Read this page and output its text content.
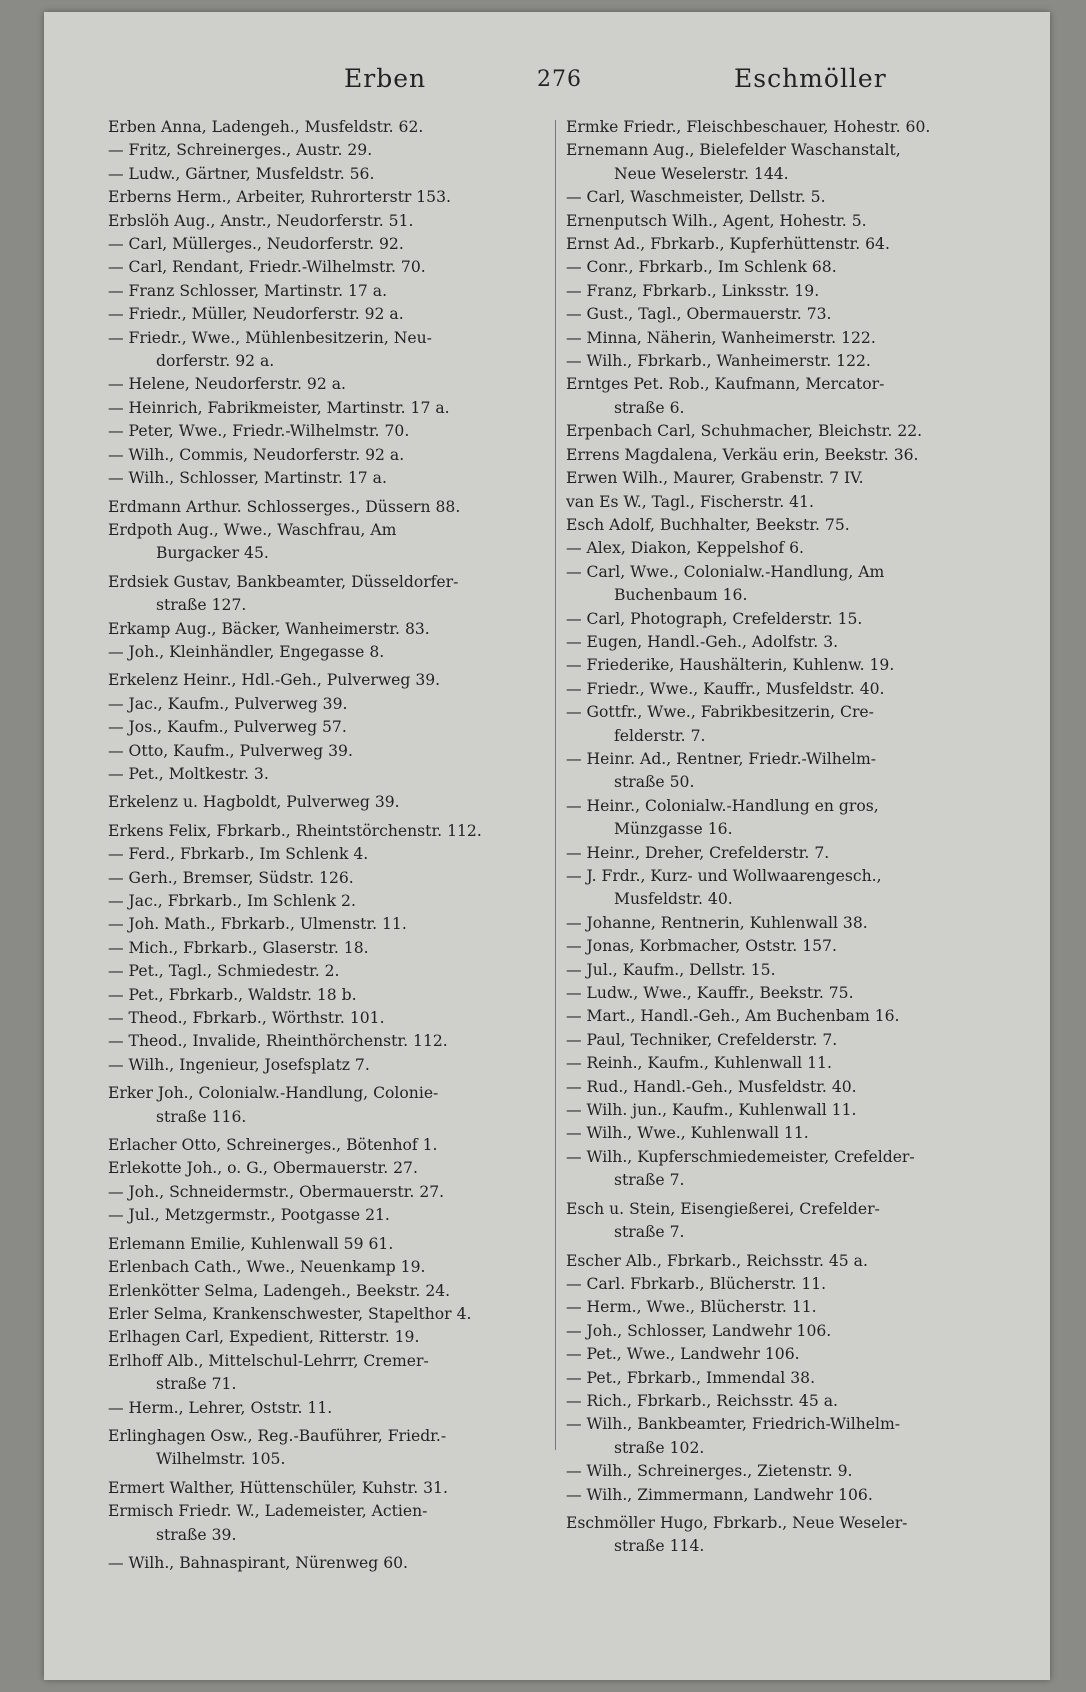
Erben	276	Eschmöller
Erben Anna, Ladengeh., Musfeldstr. 62.
— Fritz, Schreinerges., Austr. 29.
— Ludw., Gärtner, Musfeldstr. 56.
Erberns Herm., Arbeiter, Ruhrorterstr 153.
Erbslöh Aug., Anstr., Neudorferstr. 51.
— Carl, Müllerges., Neudorferstr. 92.
— Carl, Rendant, Friedr.-Wilhelmstr. 70.
— Franz Schlosser, Martinstr. 17 a.
— Friedr., Müller, Neudorferstr. 92 a.
— Friedr., Wwe., Mühlenbesitzerin, Neu-
dorferstr. 92 a.
— Helene, Neudorferstr. 92 a.
— Heinrich, Fabrikmeister, Martinstr. 17 a.
— Peter, Wwe., Friedr.-Wilhelmstr. 70.
— Wilh., Commis, Neudorferstr. 92 a.
— Wilh., Schlosser, Martinstr. 17 a.
Erdmann Arthur. Schlosserges., Düssern 88.
Erdpoth Aug., Wwe., Waschfrau, Am
Burgacker 45.
Erdsiek Gustav, Bankbeamter, Düsseldorfer-
straße 127.
Erkamp Aug., Bäcker, Wanheimerstr. 83.
— Joh., Kleinhändler, Engegasse 8.
Erkelenz Heinr., Hdl.-Geh., Pulverweg 39.
— Jac., Kaufm., Pulverweg 39.
— Jos., Kaufm., Pulverweg 57.
— Otto, Kaufm., Pulverweg 39.
— Pet., Moltkestr. 3.
Erkelenz u. Hagboldt, Pulverweg 39.
Erkens Felix, Fbrkarb., Rheintstörchenstr. 112.
— Ferd., Fbrkarb., Im Schlenk 4.
— Gerh., Bremser, Südstr. 126.
— Jac., Fbrkarb., Im Schlenk 2.
— Joh. Math., Fbrkarb., Ulmenstr. 11.
— Mich., Fbrkarb., Glaserstr. 18.
— Pet., Tagl., Schmiedestr. 2.
— Pet., Fbrkarb., Waldstr. 18 b.
— Theod., Fbrkarb., Wörthstr. 101.
— Theod., Invalide, Rheinthörchenstr. 112.
— Wilh., Ingenieur, Josefsplatz 7.
Erker Joh., Colonialw.-Handlung, Colonie-
straße 116.
Erlacher Otto, Schreinerges., Bötenhof 1.
Erlekotte Joh., o. G., Obermauerstr. 27.
— Joh., Schneidermstr., Obermauerstr. 27.
— Jul., Metzgermstr., Pootgasse 21.
Erlemann Emilie, Kuhlenwall 59 61.
Erlenbach Cath., Wwe., Neuenkamp 19.
Erlenkötter Selma, Ladengeh., Beekstr. 24.
Erler Selma, Krankenschwester, Stapelthor 4.
Erlhagen Carl, Expedient, Ritterstr. 19.
Erlhoff Alb., Mittelschul-Lehrrr, Cremer-
straße 71.
— Herm., Lehrer, Oststr. 11.
Erlinghagen Osw., Reg.-Bauführer, Friedr.-
Wilhelmstr. 105.
Ermert Walther, Hüttenschüler, Kuhstr. 31.
Ermisch Friedr. W., Lademeister, Actien-
straße 39.
— Wilh., Bahnaspirant, Nürenweg 60.
Ermke Friedr., Fleischbeschauer, Hohestr. 60.
Ernemann Aug., Bielefelder Waschanstalt,
Neue Weselerstr. 144.
— Carl, Waschmeister, Dellstr. 5.
Ernenputsch Wilh., Agent, Hohestr. 5.
Ernst Ad., Fbrkarb., Kupferhüttenstr. 64.
— Conr., Fbrkarb., Im Schlenk 68.
— Franz, Fbrkarb., Linksstr. 19.
— Gust., Tagl., Obermauerstr. 73.
— Minna, Näherin, Wanheimerstr. 122.
— Wilh., Fbrkarb., Wanheimerstr. 122.
Erntges Pet. Rob., Kaufmann, Mercator-
straße 6.
Erpenbach Carl, Schuhmacher, Bleichstr. 22.
Errens Magdalena, Verkäu erin, Beekstr. 36.
Erwen Wilh., Maurer, Grabenstr. 7 IV.
van Es W., Tagl., Fischerstr. 41.
Esch Adolf, Buchhalter, Beekstr. 75.
— Alex, Diakon, Keppelshof 6.
— Carl, Wwe., Colonialw.-Handlung, Am
Buchenbaum 16.
— Carl, Photograph, Crefelderstr. 15.
— Eugen, Handl.-Geh., Adolfstr. 3.
— Friederike, Haushälterin, Kuhlenw. 19.
— Friedr., Wwe., Kauffr., Musfeldstr. 40.
— Gottfr., Wwe., Fabrikbesitzerin, Cre-
felderstr. 7.
— Heinr. Ad., Rentner, Friedr.-Wilhelm-
straße 50.
— Heinr., Colonialw.-Handlung en gros,
Münzgasse 16.
— Heinr., Dreher, Crefelderstr. 7.
— J. Frdr., Kurz- und Wollwaarengesch.,
Musfeldstr. 40.
— Johanne, Rentnerin, Kuhlenwall 38.
— Jonas, Korbmacher, Oststr. 157.
— Jul., Kaufm., Dellstr. 15.
— Ludw., Wwe., Kauffr., Beekstr. 75.
— Mart., Handl.-Geh., Am Buchenbam 16.
— Paul, Techniker, Crefelderstr. 7.
— Reinh., Kaufm., Kuhlenwall 11.
— Rud., Handl.-Geh., Musfeldstr. 40.
— Wilh. jun., Kaufm., Kuhlenwall 11.
— Wilh., Wwe., Kuhlenwall 11.
— Wilh., Kupferschmiedemeister, Crefelder-
straße 7.
Esch u. Stein, Eisengießerei, Crefelder-
straße 7.
Escher Alb., Fbrkarb., Reichsstr. 45 a.
— Carl. Fbrkarb., Blücherstr. 11.
— Herm., Wwe., Blücherstr. 11.
— Joh., Schlosser, Landwehr 106.
— Pet., Wwe., Landwehr 106.
— Pet., Fbrkarb., Immendal 38.
— Rich., Fbrkarb., Reichsstr. 45 a.
— Wilh., Bankbeamter, Friedrich-Wilhelm-
straße 102.
— Wilh., Schreinerges., Zietenstr. 9.
— Wilh., Zimmermann, Landwehr 106.
Eschmöller Hugo, Fbrkarb., Neue Weseler-
straße 114.
